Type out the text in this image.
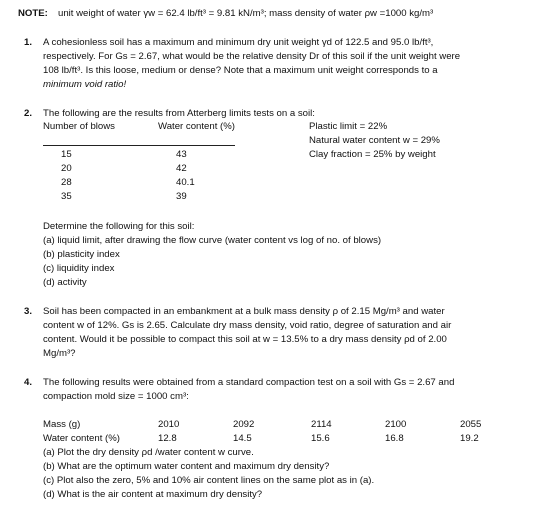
NOTE: unit weight of water γw = 62.4 lb/ft³ = 9.81 kN/m³; mass density of water ρw =1000 kg/m³
1. A cohesionless soil has a maximum and minimum dry unit weight γd of 122.5 and 95.0 lb/ft³,
respectively. For Gs = 2.67, what would be the relative density Dr of this soil if the unit weight were
108 lb/ft³. Is this loose, medium or dense? Note that a maximum unit weight corresponds to a
minimum void ratio!
2. The following are the results from Atterberg limits tests on a soil:
Number of blows	Water content (%)	Plastic limit = 22%
Natural water content w = 29%
Clay fraction = 25% by weight
15	43
20	42
28	40.1
35	39
Determine the following for this soil:
(a) liquid limit, after drawing the flow curve (water content vs log of no. of blows)
(b) plasticity index
(c) liquidity index
(d) activity
3. Soil has been compacted in an embankment at a bulk mass density ρ of 2.15 Mg/m³ and water
content w of 12%. Gs is 2.65. Calculate dry mass density, void ratio, degree of saturation and air
content. Would it be possible to compact this soil at w = 13.5% to a dry mass density ρd of 2.00
Mg/m³?
4. The following results were obtained from a standard compaction test on a soil with Gs = 2.67 and
compaction mold size = 1000 cm³:
Mass (g)	2010	2092	2114	2100	2055
Water content (%)	12.8	14.5	15.6	16.8	19.2
(a) Plot the dry density ρd /water content w curve.
(b) What are the optimum water content and maximum dry density?
(c) Plot also the zero, 5% and 10% air content lines on the same plot as in (a).
(d) What is the air content at maximum dry density?
